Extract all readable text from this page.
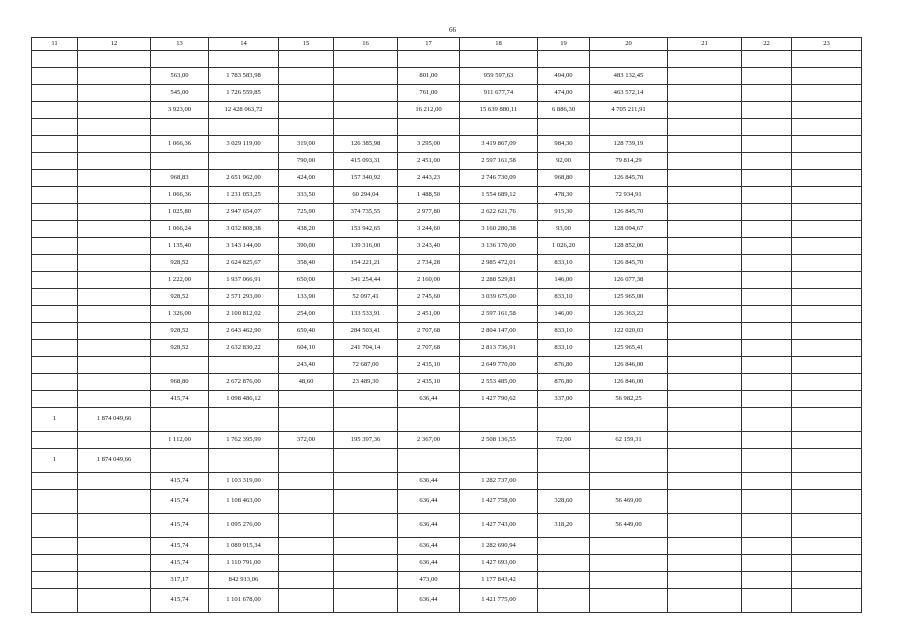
66
11	12	13	14	15	16	17	18	19	20	21	22	23

		563,00	1 783 583,98			801,00	959 597,63	494,00	483 132,45			
		545,00	1 726 559,85			761,00	911 677,74	474,00	463 572,14			
		3 923,00	12 428 063,72			16 212,00	15 639 880,11	6 886,30	4 705 211,91			

		1 066,36	3 029 119,00	319,00	126 385,98	3 295,00	3 419 867,09	984,30	128 739,19			
				790,00	415 093,31	2 451,00	2 597 161,58	92,00	79 814,29			
		968,83	2 651 962,00	424,00	157 340,92	2 443,23	2 746 730,09	968,80	126 845,70			
		1 066,36	1 231 053,25	333,50	60 294,04	1 488,50	1 554 689,12	478,30	72 934,91			
		1 025,80	2 947 654,07	725,90	374 735,55	2 977,80	2 622 621,76	915,30	126 845,70			
		1 066,24	3 032 808,38	438,20	153 942,65	3 244,60	3 160 280,38	93,00	128 094,67			
		1 135,40	3 143 144,00	390,00	139 316,00	3 243,40	3 136 170,00	1 026,20	128 852,00			
		928,52	2 624 825,67	358,40	154 221,21	2 734,28	2 985 472,01	833,10	126 845,70			
		1 222,00	1 937 066,91	650,00	341 254,44	2 160,00	2 288 529,81	146,00	126 077,38			
		928,52	2 571 293,00	133,90	52 097,41	2 745,60	3 039 675,00	833,10	125 965,00			
		1 326,00	2 100 812,02	254,00	133 533,91	2 451,00	2 597 161,58	146,00	126 363,22			
		928,52	2 643 462,90	659,40	284 503,41	2 707,68	2 804 147,00	833,10	122 020,03			
		928,52	2 632 830,22	604,10	241 704,14	2 707,68	2 813 736,91	833,10	125 965,41			
				243,40	72 687,00	2 435,10	2 649 770,00	876,80	126 846,00			
		968,80	2 672 876,00	48,60	23 489,30	2 435,10	2 553 485,00	876,80	126 846,00			
		415,74	1 098 486,12			636,44	1 427 790,62	337,00	56 982,25			
1	1 874 049,66											
		1 112,00	1 762 395,99	372,00	195 397,36	2 367,00	2 508 136,55	72,00	62 159,31			
1	1 874 049,66											
		415,74	1 103 319,00			636,44	1 282 737,00					
		415,74	1 108 463,00			636,44	1 427 758,00	328,60	56 469,00			
		415,74	1 095 276,00			636,44	1 427 743,00	318,20	56 449,00			
		415,74	1 089 915,34			636,44	1 282 690,94					
		415,74	1 110 791,00			636,44	1 427 693,00					
		317,17	842 913,06			473,00	1 177 843,42					
		415,74	1 101 678,00			636,44	1 421 775,00					
